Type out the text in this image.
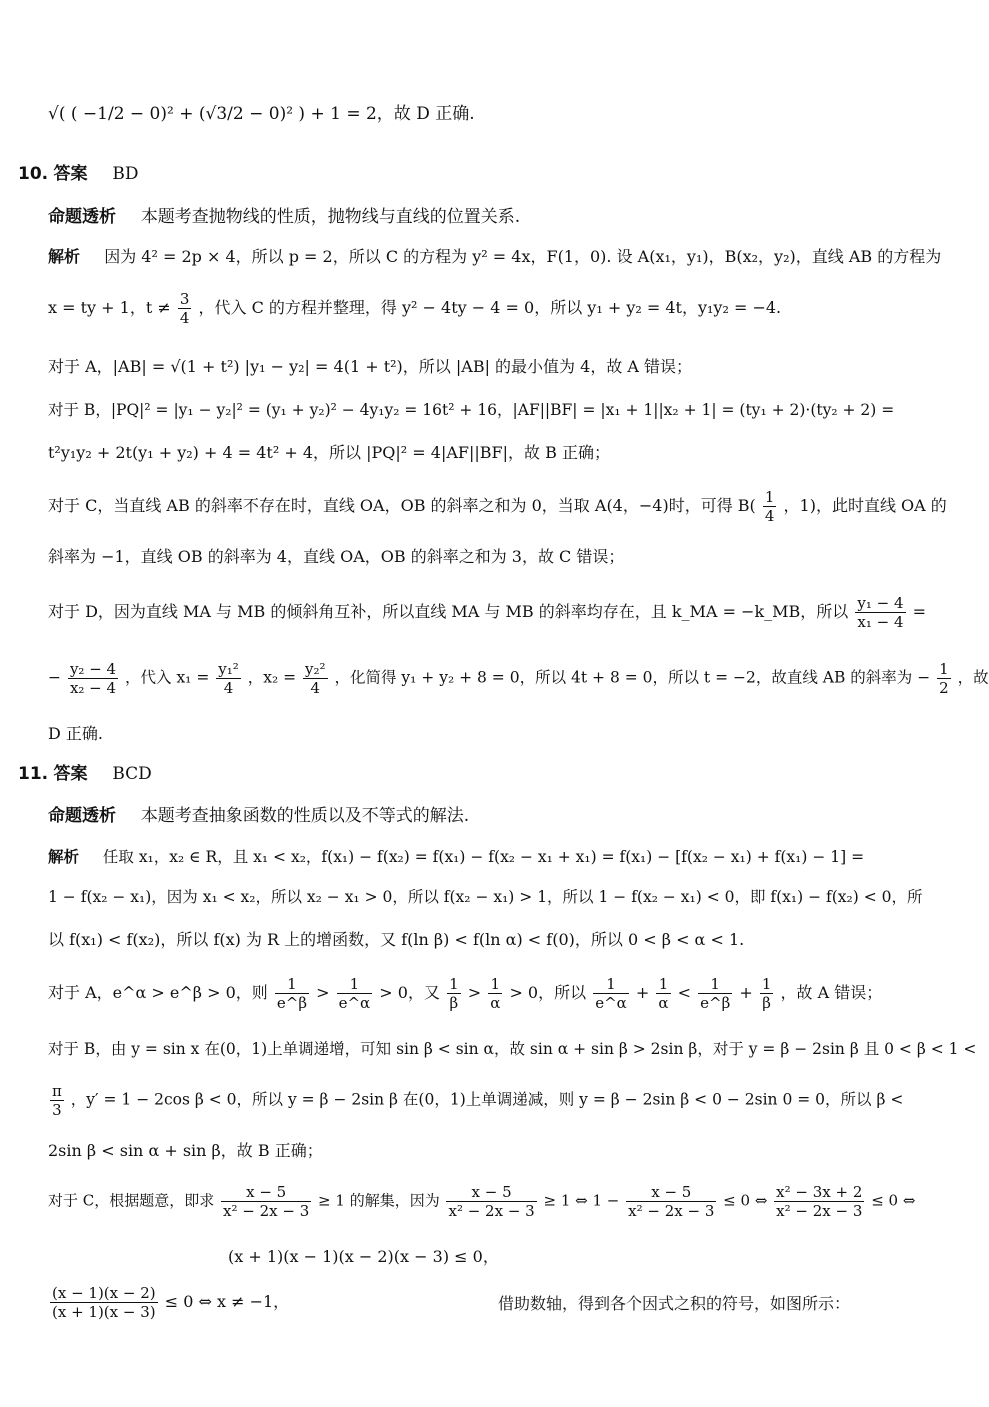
√( ( −1/2 − 0)² + (√3/2 − 0)² ) + 1 = 2，故 D 正确.
10. 答案 BD
命题透析 本题考查抛物线的性质，抛物线与直线的位置关系.
解析 因为 4² = 2p × 4，所以 p = 2，所以 C 的方程为 y² = 4x，F(1，0). 设 A(x₁，y₁)，B(x₂，y₂)，直线 AB 的方程为
x = ty + 1，$t \ne \frac{3}{4}$ ，代入 C 的方程并整理，得 y² − 4ty − 4 = 0，所以 y₁ + y₂ = 4t，y₁y₂ = −4.
对于 A，|AB| = √(1 + t²) |y₁ − y₂| = 4(1 + t²)，所以 |AB| 的最小值为 4，故 A 错误；
对于 B，|PQ|² = |y₁ − y₂|² = (y₁ + y₂)² − 4y₁y₂ = 16t² + 16，|AF||BF| = |x₁ + 1||x₂ + 1| = (ty₁ + 2)·(ty₂ + 2) =
t²y₁y₂ + 2t(y₁ + y₂) + 4 = 4t² + 4，所以 |PQ|² = 4|AF||BF|，故 B 正确；
对于 C，当直线 AB 的斜率不存在时，直线 OA，OB 的斜率之和为 0，当取 A(4，−4)时，可得 $B( \frac{1}{4}$ ，1)，此时直线 OA 的
斜率为 −1，直线 OB 的斜率为 4，直线 OA，OB 的斜率之和为 3，故 C 错误；
对于 D，因为直线 MA 与 MB 的倾斜角互补，所以直线 MA 与 MB 的斜率均存在，且 k_MA = −k_MB，所以 $\frac{\text{y₁ − 4}}{\text{x₁ − 4}}$ =
− $\frac{\text{y₂ − 4}}{\text{x₂ − 4}}$ ，代入 $x_1 = \frac{\text{y₁²}}{4}$ ，$x_2 = \frac{\text{y₂²}}{4}$ ，化简得 y₁ + y₂ + 8 = 0，所以 4t + 8 = 0，所以 t = −2，故直线 AB 的斜率为 − $\frac{1}{2}$ ，故
D 正确.
11. 答案 BCD
命题透析 本题考查抽象函数的性质以及不等式的解法.
解析 任取 x₁，x₂ ∈ R，且 x₁ < x₂，f(x₁) − f(x₂) = f(x₁) − f(x₂ − x₁ + x₁) = f(x₁) − [f(x₂ − x₁) + f(x₁) − 1] =
1 − f(x₂ − x₁)，因为 x₁ < x₂，所以 x₂ − x₁ > 0，所以 f(x₂ − x₁) > 1，所以 1 − f(x₂ − x₁) < 0，即 f(x₁) − f(x₂) < 0，所
以 f(x₁) < f(x₂)，所以 f(x) 为 R 上的增函数，又 f(ln β) < f(ln α) < f(0)，所以 0 < β < α < 1.
对于 A，e^α > e^β > 0，则 $\frac{1}{e\^{}\beta} > \frac{1}{e\^{}\alpha} > 0$，又 $\frac{1}{\beta} > \frac{1}{\alpha} > 0$，所以 $\frac{1}{e\^{}\alpha} + \frac{1}{\alpha} < \frac{1}{e\^{}\beta} + \frac{1}{\beta}$ ，故 A 错误；
对于 B，由 y = sin x 在(0，1)上单调递增，可知 sin β < sin α，故 sin α + sin β > 2sin β，对于 y = β − 2sin β 且 0 < β < 1 <
$\frac{\pi}{3}$ ，y′ = 1 − 2cos β < 0，所以 y = β − 2sin β 在(0，1)上单调递减，则 y = β − 2sin β < 0 − 2sin 0 = 0，所以 β <
2sin β < sin α + sin β，故 B 正确；
对于 C，根据题意，即求 $\frac{x - 5}{\text{x² − 2x − 3}} \ge 1$ 的解集，因为 $\frac{x - 5}{\text{x² − 2x − 3}} \ge 1$ ⇔ $1 - \frac{x - 5}{\text{x² − 2x − 3}} \le 0$ ⇔ $\frac{\text{x² − 3x + 2}}{\text{x² − 2x − 3}} \le 0$ ⇔
(x + 1)(x − 1)(x − 2)(x − 3) ≤ 0，
$\frac{(x - 1)(x - 2)}{(x + 1)(x - 3)} \le 0$ ⇔ x ≠ −1，	借助数轴，得到各个因式之积的符号，如图所示：
